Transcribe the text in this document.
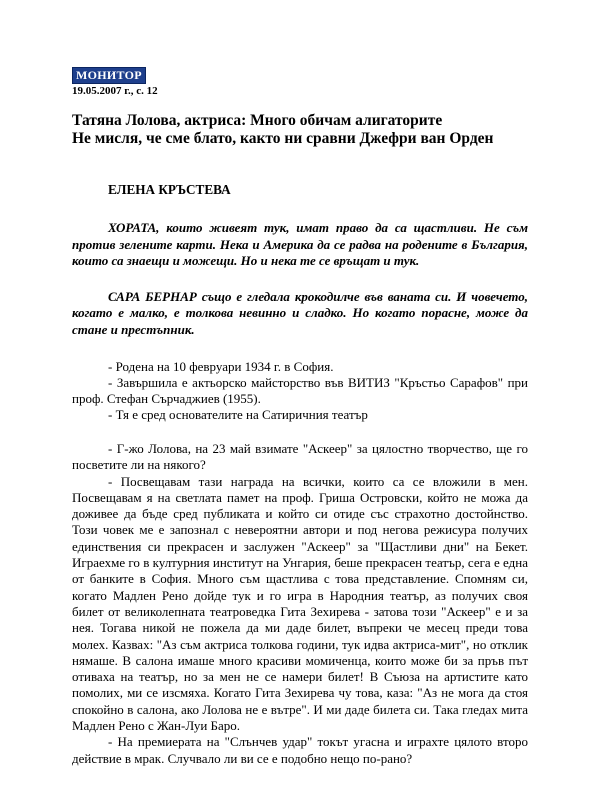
МОНИТОР
19.05.2007 г., с. 12
Татяна Лолова, актриса: Много обичам алигаторите
Не мисля, че сме блато, както ни сравни Джефри ван Орден
ЕЛЕНА КРЪСТЕВА

ХОРАТА, които живеят тук, имат право да са щастливи. Не съм против зелените карти. Нека и Америка да се радва на родените в България, които са знаещи и можещи. Но и нека те се връщат и тук.

САРА БЕРНАР също е гледала крокодилче във ваната си. И човечето, когато е малко, е толкова невинно и сладко. Но когато порасне, може да стане и престъпник.

- Родена на 10 февруари 1934 г. в София.

- Завършила е актьорско майсторство във ВИТИЗ "Кръстьо Сарафов" при проф. Стефан Сърчаджиев (1955).

- Тя е сред основателите на Сатиричния театър

- Г-жо Лолова, на 23 май взимате "Аскеер" за цялостно творчество, ще го посветите ли на някого?

- Посвещавам тази награда на всички, които са се вложили в мен. Посвещавам я на светлата памет на проф. Гриша Островски, който не можа да доживее да бъде сред публиката и който си отиде със страхотно достойнство. Този човек ме е запознал с невероятни автори и под негова режисура получих единствения си прекрасен и заслужен "Аскеер" за "Щастливи дни" на Бекет. Играехме го в културния институт на Унгария, беше прекрасен театър, сега е една от банките в София. Много съм щастлива с това представление. Спомням си, когато Мадлен Рено дойде тук и го игра в Народния театър, аз получих своя билет от великолепната театроведка Гита Зехирева - затова този "Аскеер" е и за нея. Тогава никой не пожела да ми даде билет, въпреки че месец преди това молех. Казвах: "Аз съм актриса толкова години, тук идва актриса-мит", но отклик нямаше. В салона имаше много красиви момиченца, които може би за пръв път отиваха на театър, но за мен не се намери билет! В Съюза на артистите като помолих, ми се изсмяха. Когато Гита Зехирева чу това, каза: "Аз не мога да стоя спокойно в салона, ако Лолова не е вътре". И ми даде билета си. Така гледах мита Мадлен Рено с Жан-Луи Баро.

- На премиерата на "Слънчев удар" токът угасна и играхте цялото второ действие в мрак. Случвало ли ви се е подобно нещо по-рано?
